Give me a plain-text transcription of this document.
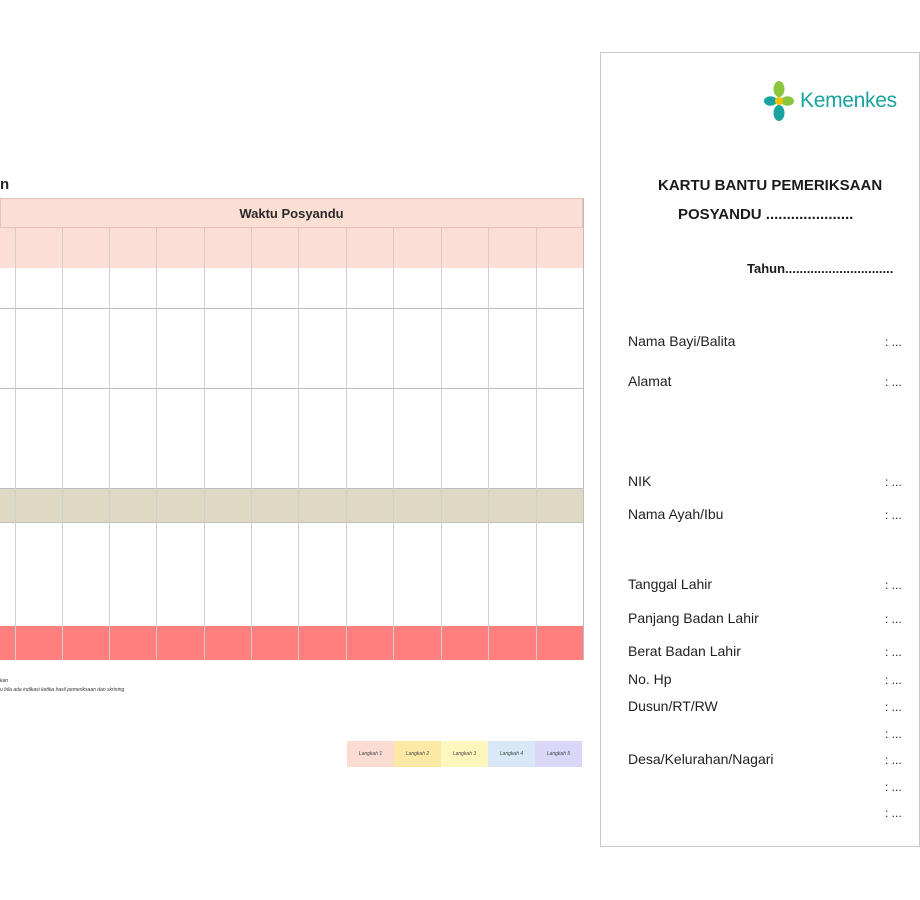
n
Waktu Posyandu
kan
u bila ada indikasi ketika hasil pemeriksaan dan skrining
Langkah 1	Langkah 2	Langkah 3	Langkah 4	Langkah 5
Kemenkes
KARTU BANTU PEMERIKSAAN
POSYANDU .....................
Tahun..............................
Nama Bayi/Balita	: ...
Alamat	: ...
NIK	: ...
Nama Ayah/Ibu	: ...
Tanggal Lahir	: ...
Panjang Badan Lahir	: ...
Berat Badan Lahir	: ...
No. Hp	: ...
Dusun/RT/RW	: ...
: ...
Desa/Kelurahan/Nagari	: ...
: ...
: ...
